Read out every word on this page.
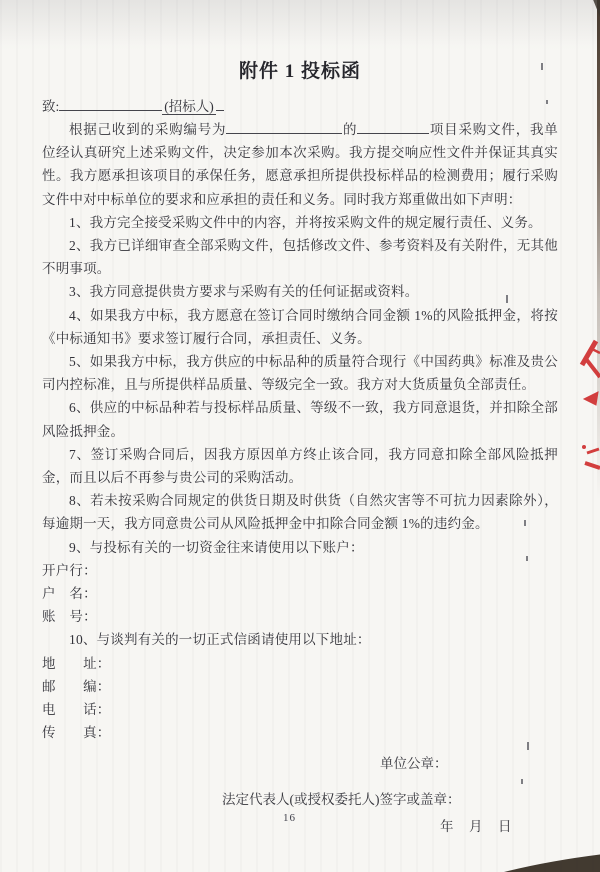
附件 1 投标函
致:	(招标人)

根据己收到的采购编号为	的	项目采购文件，我单位经认真研究上述采购文件，决定参加本次采购。我方提交响应性文件并保证其真实性。我方愿承担该项目的承保任务，愿意承担所提供投标样品的检测费用；履行采购文件中对中标单位的要求和应承担的责任和义务。同时我方郑重做出如下声明：

1、我方完全接受采购文件中的内容，并将按采购文件的规定履行责任、义务。

2、我方已详细审查全部采购文件，包括修改文件、参考资料及有关附件，无其他不明事项。

3、我方同意提供贵方要求与采购有关的任何证据或资料。

4、如果我方中标，我方愿意在签订合同时缴纳合同金额 1%的风险抵押金，将按《中标通知书》要求签订履行合同，承担责任、义务。

5、如果我方中标，我方供应的中标品种的质量符合现行《中国药典》标准及贵公司内控标准，且与所提供样品质量、等级完全一致。我方对大货质量负全部责任。

6、供应的中标品种若与投标样品质量、等级不一致，我方同意退货，并扣除全部风险抵押金。

7、签订采购合同后，因我方原因单方终止该合同，我方同意扣除全部风险抵押金，而且以后不再参与贵公司的采购活动。

8、若未按采购合同规定的供货日期及时供货（自然灾害等不可抗力因素除外），每逾期一天，我方同意贵公司从风险抵押金中扣除合同金额 1%的违约金。

9、与投标有关的一切资金往来请使用以下账户：

开户行：

户　名：

账　号：

10、与谈判有关的一切正式信函请使用以下地址：

地　　址：

邮　　编：

电　　话：

传　　真：

单位公章：
法定代表人(或授权委托人)签字或盖章：
年　月　日
16
